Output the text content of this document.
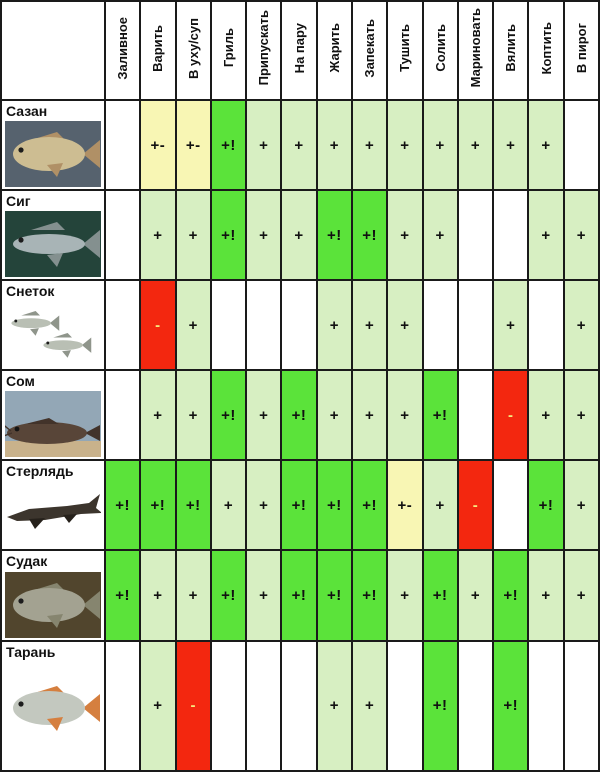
	Заливное	Варить	В уху/суп	Гриль	Припускать	На пару	Жарить	Запекать	Тушить	Солить	Мариновать	Вялить	Коптить	В пирог

Сазан		+-	+-	+!	+	+	+	+	+	+	+	+	+	

Сиг		+	+	+!	+	+	+!	+!	+	+			+	+

Снеток		-	+				+	+	+			+		+

Сом		+	+	+!	+	+!	+	+	+	+!		-	+	+

Стерлядь	+!	+!	+!	+	+	+!	+!	+!	+-	+	-		+!	+

Судак	+!	+	+	+!	+	+!	+!	+!	+	+!	+	+!	+	+

Тарань		+	-				+	+		+!		+!		
